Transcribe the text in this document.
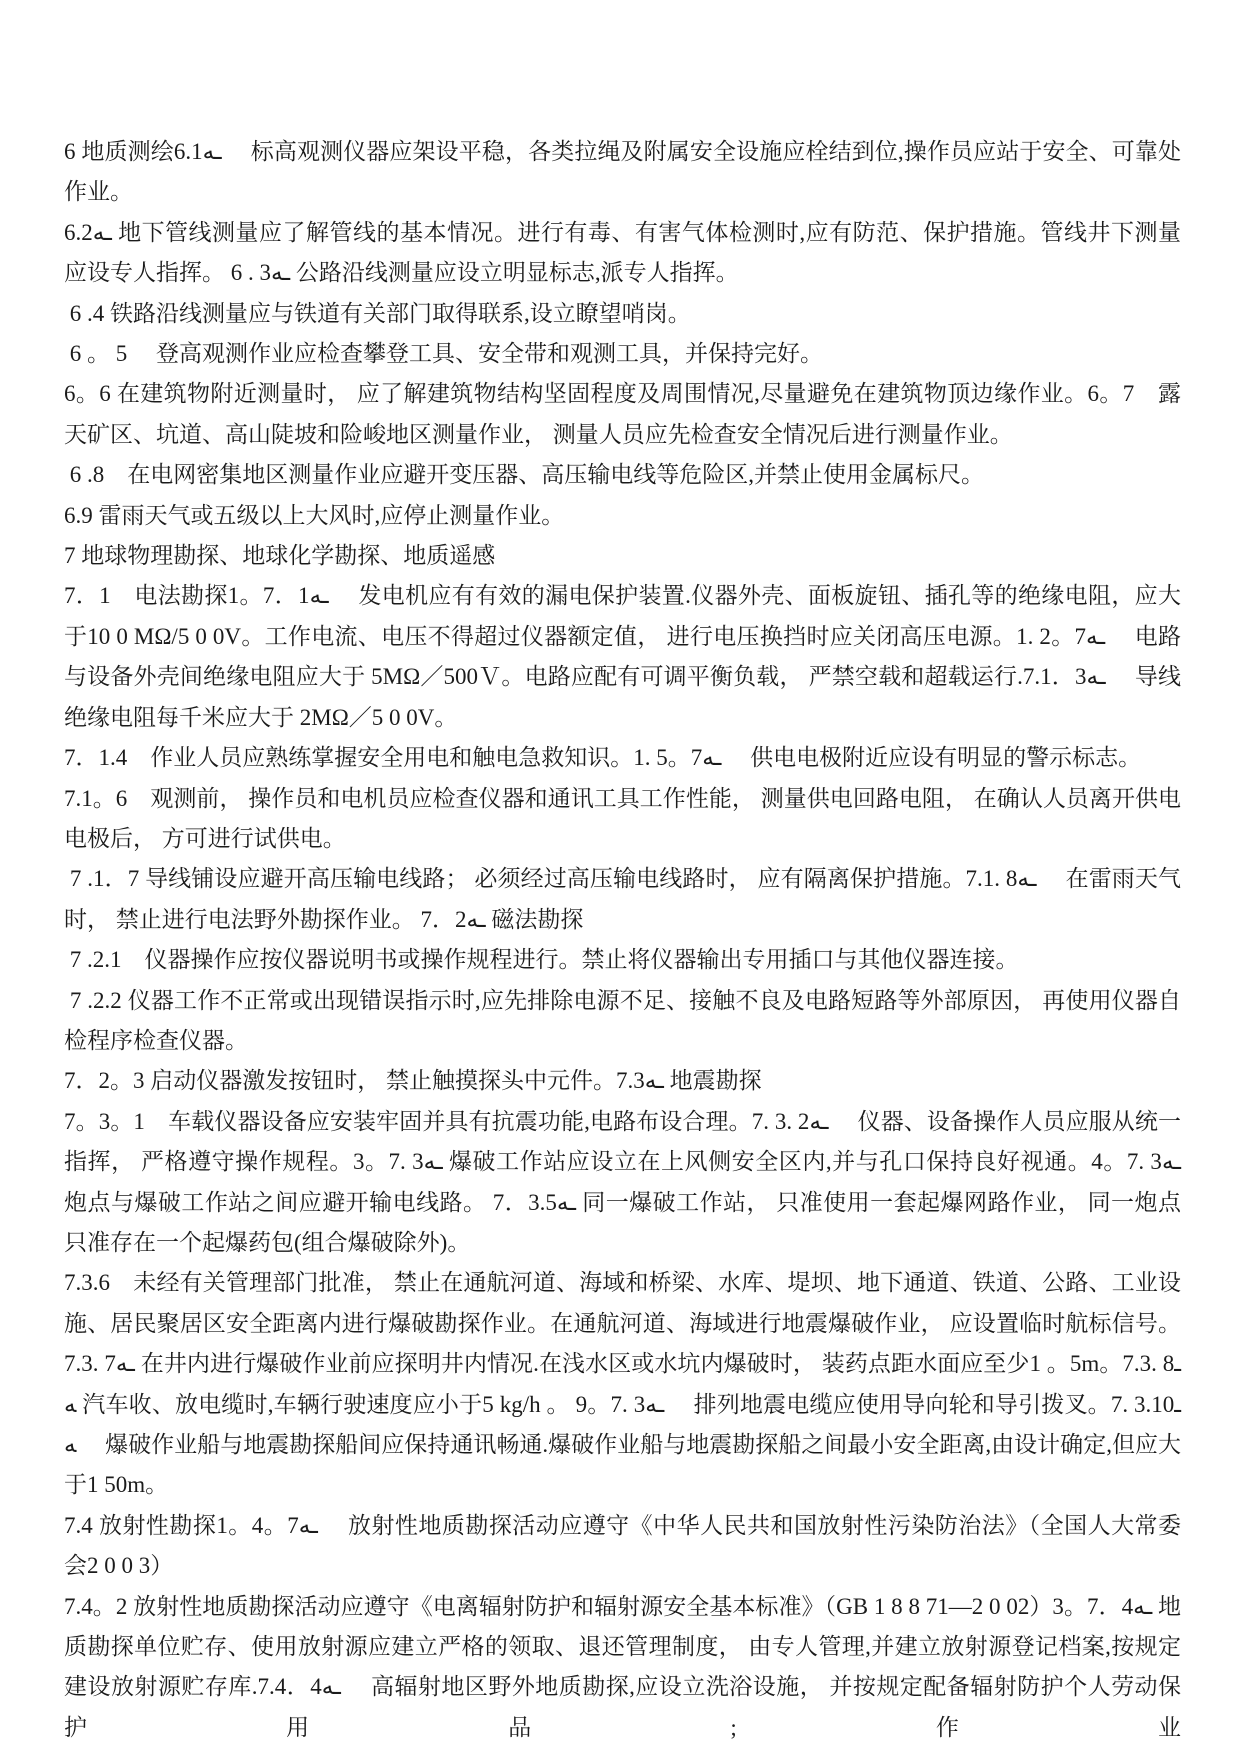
6 地质测绘6.1ـه　 标高观测仪器应架设平稳，各类拉绳及附属安全设施应栓结到位,操作员应站于安全、可靠处作业。

6.2ـه 地下管线测量应了解管线的基本情况。进行有毒、有害气体检测时,应有防范、保护措施。管线井下测量应设专人指挥。 6 . 3ـه 公路沿线测量应设立明显标志,派专人指挥。

6 .4 铁路沿线测量应与铁道有关部门取得联系,设立瞭望哨岗。

6 。 5　 登高观测作业应检查攀登工具、安全带和观测工具，并保持完好。

6。6 在建筑物附近测量时， 应了解建筑物结构坚固程度及周围情况,尽量避免在建筑物顶边缘作业。6。7　露天矿区、坑道、高山陡坡和险峻地区测量作业， 测量人员应先检查安全情况后进行测量作业。

6 .8　在电网密集地区测量作业应避开变压器、高压输电线等危险区,并禁止使用金属标尺。

6.9 雷雨天气或五级以上大风时,应停止测量作业。

7 地球物理勘探、地球化学勘探、地质遥感

7．1　电法勘探1。7．1ـه　 发电机应有有效的漏电保护装置.仪器外壳、面板旋钮、插孔等的绝缘电阻，应大于10 0 MΩ/5 0 0V。工作电流、电压不得超过仪器额定值， 进行电压换挡时应关闭高压电源。1. 2。7ـه　 电路与设备外壳间绝缘电阻应大于 5MΩ／500Ｖ。电路应配有可调平衡负载， 严禁空载和超载运行.7.1．3ـه　 导线绝缘电阻每千米应大于 2MΩ／5 0 0V。

7．1.4　作业人员应熟练掌握安全用电和触电急救知识。1. 5。7ـه　 供电电极附近应设有明显的警示标志。

7.1。6　观测前， 操作员和电机员应检查仪器和通讯工具工作性能， 测量供电回路电阻， 在确认人员离开供电电极后， 方可进行试供电。

7 .1．7 导线铺设应避开高压输电线路； 必须经过高压输电线路时， 应有隔离保护措施。7.1. 8ـه　 在雷雨天气时， 禁止进行电法野外勘探作业。 7．2ـه 磁法勘探

7 .2.1　仪器操作应按仪器说明书或操作规程进行。禁止将仪器输出专用插口与其他仪器连接。

7 .2.2 仪器工作不正常或出现错误指示时,应先排除电源不足、接触不良及电路短路等外部原因， 再使用仪器自检程序检查仪器。

7．2。3 启动仪器激发按钮时， 禁止触摸探头中元件。7.3ـه 地震勘探

7。3。1　车载仪器设备应安装牢固并具有抗震功能,电路布设合理。7. 3. 2ـه　 仪器、设备操作人员应服从统一指挥， 严格遵守操作规程。3。7. 3ـه 爆破工作站应设立在上风侧安全区内,并与孔口保持良好视通。4。7. 3ـه 炮点与爆破工作站之间应避开输电线路。 7．3.5ـه 同一爆破工作站， 只准使用一套起爆网路作业， 同一炮点只准存在一个起爆药包(组合爆破除外)。

7.3.6　未经有关管理部门批准， 禁止在通航河道、海域和桥梁、水库、堤坝、地下通道、铁道、公路、工业设施、居民聚居区安全距离内进行爆破勘探作业。在通航河道、海域进行地震爆破作业， 应设置临时航标信号。7.3. 7ـه 在井内进行爆破作业前应探明井内情况.在浅水区或水坑内爆破时， 装药点距水面应至少1 。5m。7.3. 8ـه 汽车收、放电缆时,车辆行驶速度应小于5 kg/h 。 9。7. 3ـه　 排列地震电缆应使用导向轮和导引拨叉。7. 3.10ـه　 爆破作业船与地震勘探船间应保持通讯畅通.爆破作业船与地震勘探船之间最小安全距离,由设计确定,但应大于1 50m。

7.4 放射性勘探1。4。7ـه　 放射性地质勘探活动应遵守《中华人民共和国放射性污染防治法》（全国人大常委会2 0 0 3）

7.4。2 放射性地质勘探活动应遵守《电离辐射防护和辐射源安全基本标准》（GB 1 8 8 71—2 0 02）3。7．4ـه 地质勘探单位贮存、使用放射源应建立严格的领取、退还管理制度， 由专人管理,并建立放射源登记档案,按规定建设放射源贮存库.7.4．4ـه　 高辐射地区野外地质勘探,应设立洗浴设施， 并按规定配备辐射防护个人劳动保护用品;作业
